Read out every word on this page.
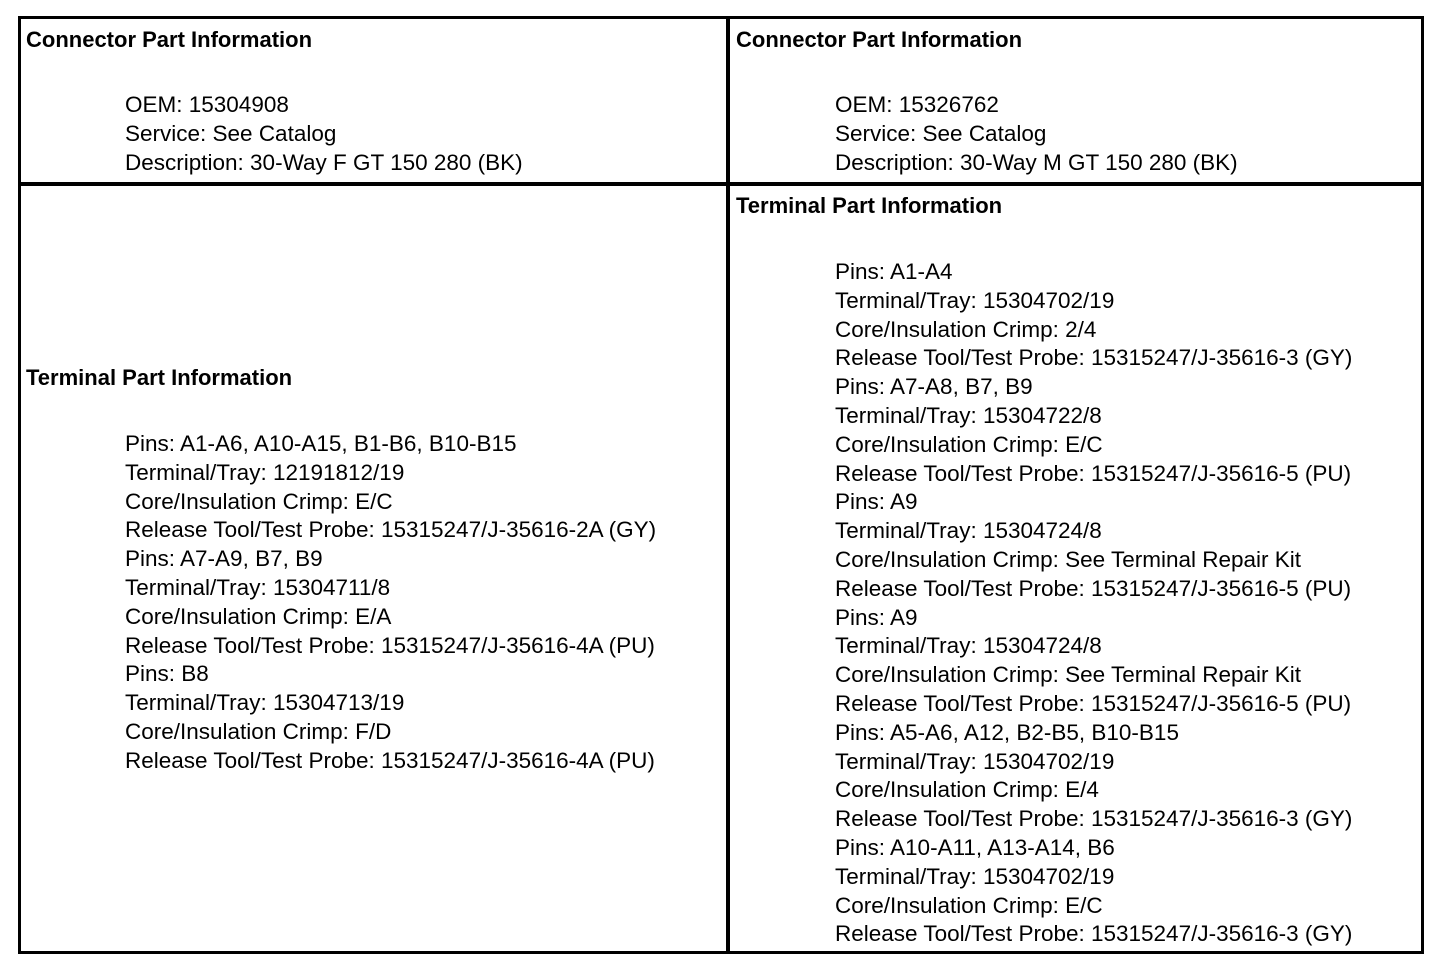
Connector Part Information
OEM: 15304908
Service: See Catalog
Description: 30-Way F GT 150 280 (BK)
Connector Part Information
OEM: 15326762
Service: See Catalog
Description: 30-Way M GT 150 280 (BK)
Terminal Part Information
Pins: A1-A6, A10-A15, B1-B6, B10-B15
Terminal/Tray: 12191812/19
Core/Insulation Crimp: E/C
Release Tool/Test Probe: 15315247/J-35616-2A (GY)
Pins: A7-A9, B7, B9
Terminal/Tray: 15304711/8
Core/Insulation Crimp: E/A
Release Tool/Test Probe: 15315247/J-35616-4A (PU)
Pins: B8
Terminal/Tray: 15304713/19
Core/Insulation Crimp: F/D
Release Tool/Test Probe: 15315247/J-35616-4A (PU)
Terminal Part Information
Pins: A1-A4
Terminal/Tray: 15304702/19
Core/Insulation Crimp: 2/4
Release Tool/Test Probe: 15315247/J-35616-3 (GY)
Pins: A7-A8, B7, B9
Terminal/Tray: 15304722/8
Core/Insulation Crimp: E/C
Release Tool/Test Probe: 15315247/J-35616-5 (PU)
Pins: A9
Terminal/Tray: 15304724/8
Core/Insulation Crimp: See Terminal Repair Kit
Release Tool/Test Probe: 15315247/J-35616-5 (PU)
Pins: A9
Terminal/Tray: 15304724/8
Core/Insulation Crimp: See Terminal Repair Kit
Release Tool/Test Probe: 15315247/J-35616-5 (PU)
Pins: A5-A6, A12, B2-B5, B10-B15
Terminal/Tray: 15304702/19
Core/Insulation Crimp: E/4
Release Tool/Test Probe: 15315247/J-35616-3 (GY)
Pins: A10-A11, A13-A14, B6
Terminal/Tray: 15304702/19
Core/Insulation Crimp: E/C
Release Tool/Test Probe: 15315247/J-35616-3 (GY)
